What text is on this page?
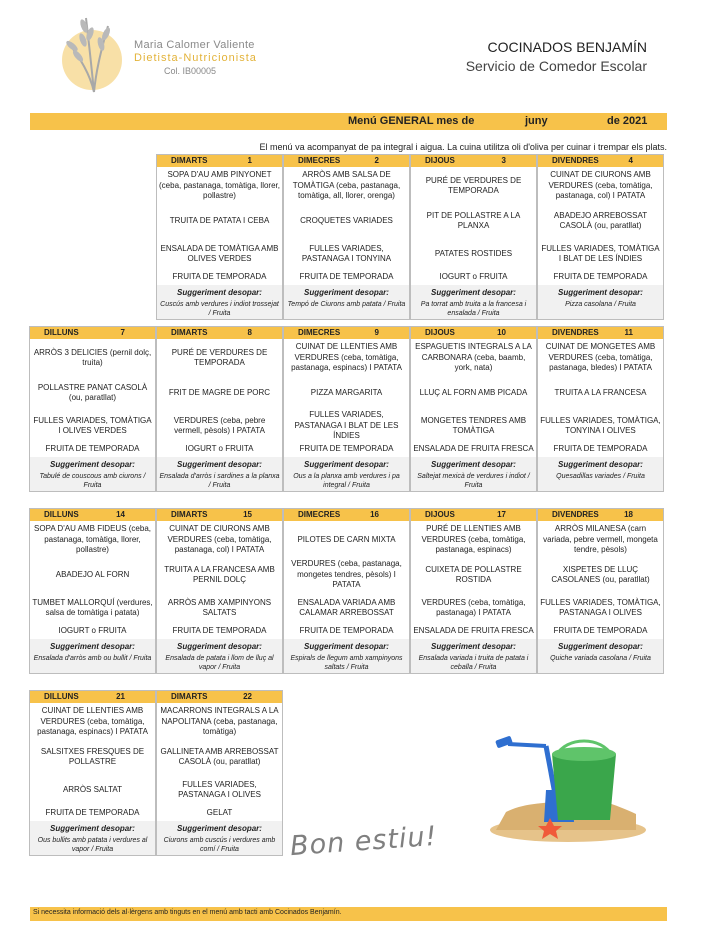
Maria Calomer Valiente
Dietista-Nutricionista
Col. IB00005
COCINADOS BENJAMÍN
Servicio de Comedor Escolar
Menú GENERAL mes de	juny	de 2021
El menú va acompanyat de pa integral i aigua. La cuina utilitza oli d'oliva per cuinar i trempar els plats.
DIMARTS	1
SOPA D'AU AMB PINYONET (ceba, pastanaga, tomàtiga, llorer, pollastre)
TRUITA DE PATATA I CEBA
ENSALADA DE TOMÀTIGA AMB OLIVES VERDES
FRUITA DE TEMPORADA
Suggeriment desopar:
Cuscús amb verdures i indiot trossejat / Fruita
DIMECRES	2
ARRÒS AMB SALSA DE TOMÀTIGA (ceba, pastanaga, tomàtiga, all, llorer, orenga)
CROQUETES VARIADES
FULLES VARIADES, PASTANAGA I TONYINA
FRUITA DE TEMPORADA
Suggeriment desopar:
Tempó de Ciurons amb patata / Fruita
DIJOUS	3
PURÉ DE VERDURES DE TEMPORADA
PIT DE POLLASTRE A LA PLANXA
PATATES ROSTIDES
IOGURT o FRUITA
Suggeriment desopar:
Pa torrat amb truita a la francesa i ensalada / Fruita
DIVENDRES	4
CUINAT DE CIURONS AMB VERDURES (ceba, tomàtiga, pastanaga, col) I PATATA
ABADEJO ARREBOSSAT CASOLÀ (ou, paratllat)
FULLES VARIADES, TOMÀTIGA I BLAT DE LES ÍNDIES
FRUITA DE TEMPORADA
Suggeriment desopar:
Pizza casolana / Fruita
DILLUNS	7
ARRÒS 3 DELICIES (pernil dolç, truita)
POLLASTRE PANAT CASOLÀ (ou, paratllat)
FULLES VARIADES, TOMÀTIGA I OLIVES VERDES
FRUITA DE TEMPORADA
Suggeriment desopar:
Tabulé de couscous amb ciurons / Fruita
DIMARTS	8
PURÉ DE VERDURES DE TEMPORADA
FRIT DE MAGRE DE PORC
VERDURES (ceba, pebre vermell, pèsols) I PATATA
IOGURT o FRUITA
Suggeriment desopar:
Ensalada d'arròs i sardines a la planxa / Fruita
DIMECRES	9
CUINAT DE LLENTIES AMB VERDURES (ceba, tomàtiga, pastanaga, espinacs) I PATATA
PIZZA MARGARITA
FULLES VARIADES, PASTANAGA I BLAT DE LES ÍNDIES
FRUITA DE TEMPORADA
Suggeriment desopar:
Ous a la planxa amb verdures i pa integral / Fruita
DIJOUS	10
ESPAGUETIS INTEGRALS A LA CARBONARA (ceba, baamb, york, nata)
LLUÇ AL FORN AMB PICADA
MONGETES TENDRES AMB TOMÀTIGA
ENSALADA DE FRUITA FRESCA
Suggeriment desopar:
Saltejat mexicà de verdures i indiot / Fruita
DIVENDRES	11
CUINAT DE MONGETES AMB VERDURES (ceba, tomàtiga, pastanaga, bledes) I PATATA
TRUITA A LA FRANCESA
FULLES VARIADES, TOMÀTIGA, TONYINA I OLIVES
FRUITA DE TEMPORADA
Suggeriment desopar:
Quesadillas variades / Fruita
DILLUNS	14
SOPA D'AU AMB FIDEUS (ceba, pastanaga, tomàtiga, llorer, pollastre)
ABADEJO AL FORN
TUMBET MALLORQUÍ (verdures, salsa de tomàtiga i patata)
IOGURT o FRUITA
Suggeriment desopar:
Ensalada d'arròs amb ou bullit / Fruita
DIMARTS	15
CUINAT DE CIURONS AMB VERDURES (ceba, tomàtiga, pastanaga, col) I PATATA
TRUITA A LA FRANCESA AMB PERNIL DOLÇ
ARRÒS AMB XAMPINYONS SALTATS
FRUITA DE TEMPORADA
Suggeriment desopar:
Ensalada de patata i llom de lluç al vapor / Fruita
DIMECRES	16
PILOTES DE CARN MIXTA
VERDURES (ceba, pastanaga, mongetes tendres, pèsols) I PATATA
ENSALADA VARIADA AMB CALAMAR ARREBOSSAT
FRUITA DE TEMPORADA
Suggeriment desopar:
Espirals de llegum amb xampinyons saltats / Fruita
DIJOUS	17
PURÉ DE LLENTIES AMB VERDURES (ceba, tomàtiga, pastanaga, espinacs)
CUIXETA DE POLLASTRE ROSTIDA
VERDURES (ceba, tomàtiga, pastanaga) I PATATA
ENSALADA DE FRUITA FRESCA
Suggeriment desopar:
Ensalada variada i truita de patata i ceballa / Fruita
DIVENDRES	18
ARRÒS MILANESA (carn variada, pebre vermell, mongeta tendre, pèsols)
XISPETES DE LLUÇ CASOLANES (ou, paratllat)
FULLES VARIADES, TOMÀTIGA, PASTANAGA I OLIVES
FRUITA DE TEMPORADA
Suggeriment desopar:
Quiche variada casolana / Fruita
DILLUNS	21
CUINAT DE LLENTIES AMB VERDURES (ceba, tomàtiga, pastanaga, espinacs) I PATATA
SALSITXES FRESQUES DE POLLASTRE
ARRÒS SALTAT
FRUITA DE TEMPORADA
Suggeriment desopar:
Ous bullits amb patata i verdures al vapor / Fruita
DIMARTS	22
MACARRONS INTEGRALS A LA NAPOLITANA (ceba, pastanaga, tomàtiga)
GALLINETA AMB ARREBOSSAT CASOLÀ (ou, paratllat)
FULLES VARIADES, PASTANAGA I OLIVES
GELAT
Suggeriment desopar:
Ciurons amb cuscús i verdures amb comí / Fruita	Bon estiu!
Si necessita informació dels al·lèrgens amb tinguts en el menú amb tacti amb Cocinados Benjamín.
